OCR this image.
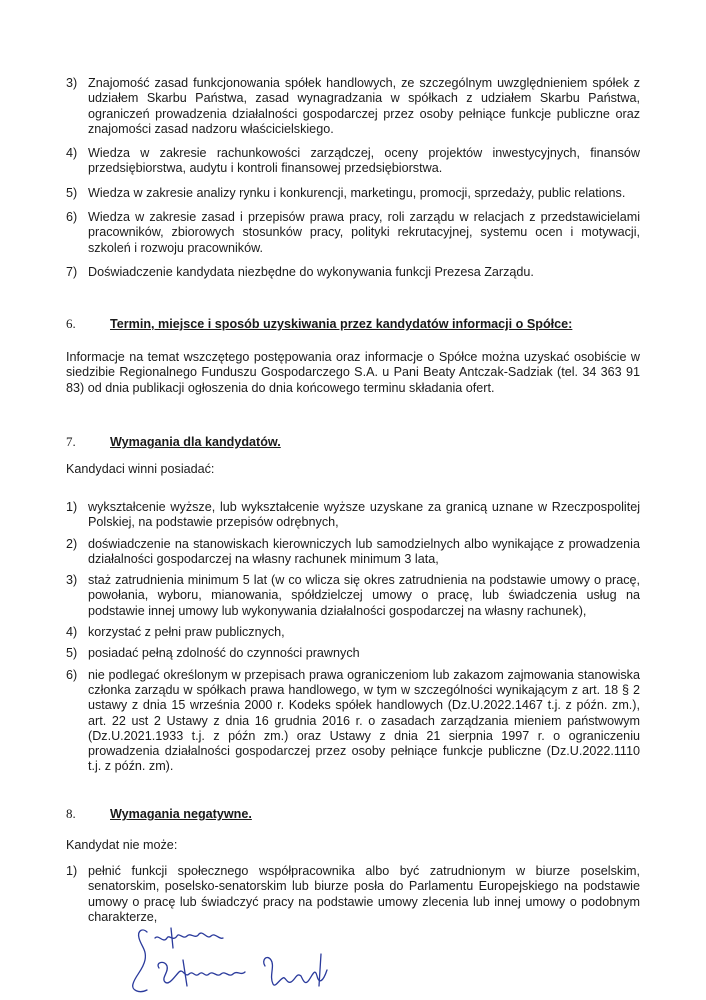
3) Znajomość zasad funkcjonowania spółek handlowych, ze szczególnym uwzględnieniem spółek z udziałem Skarbu Państwa, zasad wynagradzania w spółkach z udziałem Skarbu Państwa, ograniczeń prowadzenia działalności gospodarczej przez osoby pełniące funkcje publiczne oraz znajomości zasad nadzoru właścicielskiego.
4) Wiedza w zakresie rachunkowości zarządczej, oceny projektów inwestycyjnych, finansów przedsiębiorstwa, audytu i kontroli finansowej przedsiębiorstwa.
5) Wiedza w zakresie analizy rynku i konkurencji, marketingu, promocji, sprzedaży, public relations.
6) Wiedza w zakresie zasad i przepisów prawa pracy, roli zarządu w relacjach z przedstawicielami pracowników, zbiorowych stosunków pracy, polityki rekrutacyjnej, systemu ocen i motywacji, szkoleń i rozwoju pracowników.
7) Doświadczenie kandydata niezbędne do wykonywania funkcji Prezesa Zarządu.
6.	Termin, miejsce i sposób uzyskiwania przez kandydatów informacji o Spółce:

Informacje na temat wszczętego postępowania oraz informacje o Spółce można uzyskać osobiście w siedzibie Regionalnego Funduszu Gospodarczego S.A. u Pani Beaty Antczak-Sadziak (tel. 34 363 91 83) od dnia publikacji ogłoszenia do dnia końcowego terminu składania ofert.

7.	Wymagania dla kandydatów.

Kandydaci winni posiadać:

1) wykształcenie wyższe, lub wykształcenie wyższe uzyskane za granicą uznane w Rzeczpospolitej Polskiej, na podstawie przepisów odrębnych,
2) doświadczenie na stanowiskach kierowniczych lub samodzielnych albo wynikające z prowadzenia działalności gospodarczej na własny rachunek minimum 3 lata,
3) staż zatrudnienia minimum 5 lat (w co wlicza się okres zatrudnienia na podstawie umowy o pracę, powołania, wyboru, mianowania, spółdzielczej umowy o pracę, lub świadczenia usług na podstawie innej umowy lub wykonywania działalności gospodarczej na własny rachunek),
4) korzystać z pełni praw publicznych,
5) posiadać pełną zdolność do czynności prawnych
6) nie podlegać określonym w przepisach prawa ograniczeniom lub zakazom zajmowania stanowiska członka zarządu w spółkach prawa handlowego, w tym w szczególności wynikającym z art. 18 § 2 ustawy z dnia 15 września 2000 r. Kodeks spółek handlowych (Dz.U.2022.1467 t.j. z późn. zm.), art. 22 ust 2 Ustawy z dnia 16 grudnia 2016 r. o zasadach zarządzania mieniem państwowym (Dz.U.2021.1933 t.j. z późn zm.) oraz Ustawy z dnia 21 sierpnia 1997 r. o ograniczeniu prowadzenia działalności gospodarczej przez osoby pełniące funkcje publiczne (Dz.U.2022.1110 t.j. z późn. zm).
8.	Wymagania negatywne.

Kandydat nie może:

1) pełnić funkcji społecznego współpracownika albo być zatrudnionym w biurze poselskim, senatorskim, poselsko-senatorskim lub biurze posła do Parlamentu Europejskiego na podstawie umowy o pracę lub świadczyć pracy na podstawie umowy zlecenia lub innej umowy o podobnym charakterze,
